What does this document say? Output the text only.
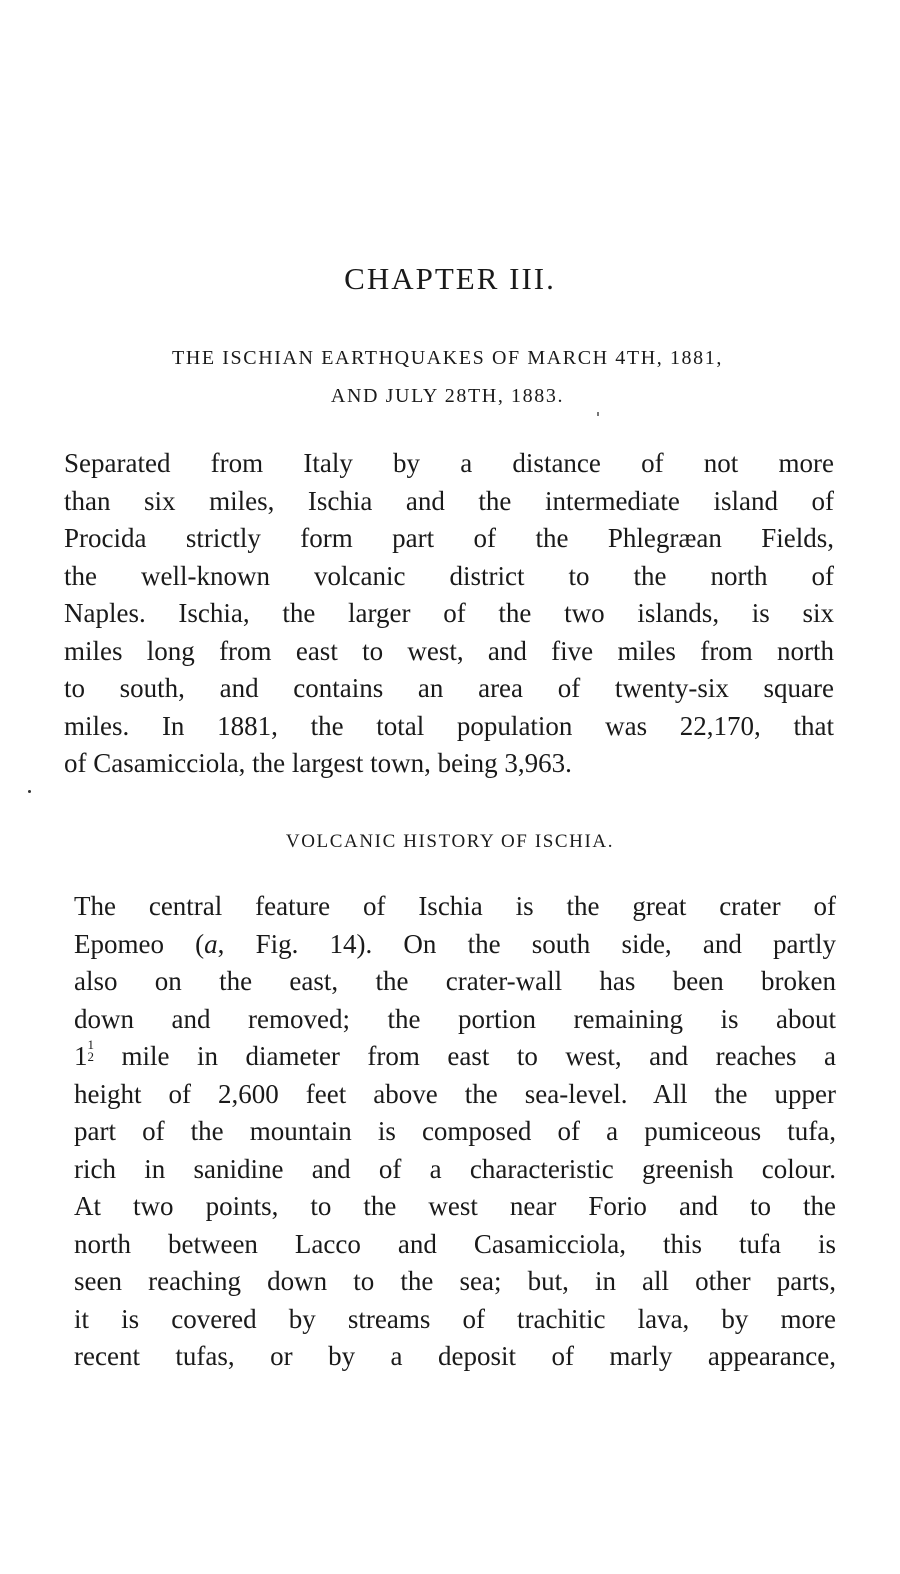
CHAPTER III.
THE ISCHIAN EARTHQUAKES OF MARCH 4TH, 1881,
AND JULY 28TH, 1883.

Separated from Italy by a distance of not more
than six miles, Ischia and the intermediate island of
Procida strictly form part of the Phlegræan Fields,
the well-known volcanic district to the north of
Naples. Ischia, the larger of the two islands, is six
miles long from east to west, and five miles from north
to south, and contains an area of twenty-six square
miles. In 1881, the total population was 22,170, that
of Casamicciola, the largest town, being 3,963.

VOLCANIC HISTORY OF ISCHIA.

The central feature of Ischia is the great crater of
Epomeo (a, Fig. 14). On the south side, and partly
also on the east, the crater-wall has been broken
down and removed; the portion remaining is about
1 1
2 mile in diameter from east to west, and reaches a
height of 2,600 feet above the sea-level. All the upper
part of the mountain is composed of a pumiceous tufa,
rich in sanidine and of a characteristic greenish colour.
At two points, to the west near Forio and to the
north between Lacco and Casamicciola, this tufa is
seen reaching down to the sea; but, in all other parts,
it is covered by streams of trachitic lava, by more
recent tufas, or by a deposit of marly appearance,
